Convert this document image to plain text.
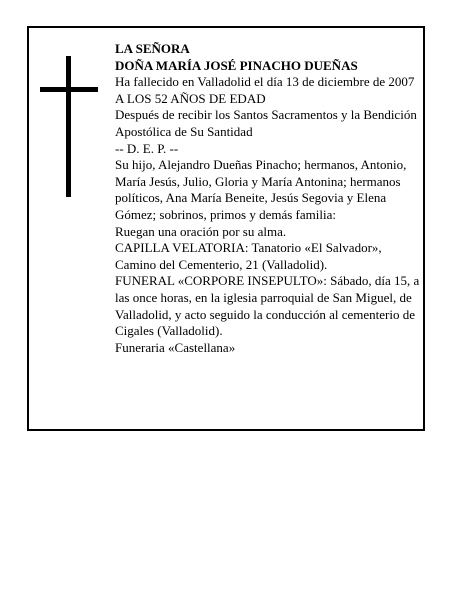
LA SEÑORA

DOÑA MARÍA JOSÉ PINACHO DUEÑAS

Ha fallecido en Valladolid el día 13 de diciembre de 2007

A LOS 52 AÑOS DE EDAD

Después de recibir los Santos Sacramentos y la Bendición Apostólica de Su Santidad

-- D. E. P. --

Su hijo, Alejandro Dueñas Pinacho; hermanos, Antonio, María Jesús, Julio, Gloria y María Antonina; hermanos políticos, Ana María Beneite, Jesús Segovia y Elena Gómez; sobrinos, primos y demás familia:

Ruegan una oración por su alma.

CAPILLA VELATORIA: Tanatorio «El Salvador», Camino del Cementerio, 21 (Valladolid).

FUNERAL «CORPORE INSEPULTO»: Sábado, día 15, a las once horas, en la iglesia parroquial de San Miguel, de Valladolid, y acto seguido la conducción al cementerio de Cigales (Valladolid).

Funeraria «Castellana»
